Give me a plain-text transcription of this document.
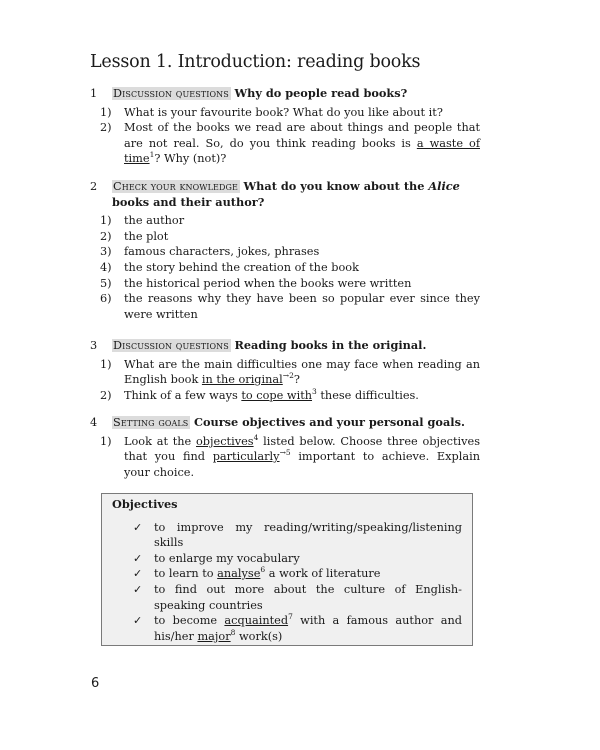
Lesson 1. Introduction: reading books
1 Discussion questions Why do people read books?
1) What is your favourite book? What do you like about it?
2) Most of the books we read are about things and people that are not real. So, do you think reading books is a waste of time$^1$? Why (not)?
2 Check your knowledge What do you know about the Alice books and their author?
1) the author
2) the plot
3) famous characters, jokes, phrases
4) the story behind the creation of the book
5) the historical period when the books were written
6) the reasons why they have been so popular ever since they were written
3 Discussion questions Reading books in the original.
1) What are the main difficulties one may face when reading an English book in the original$^{\to 2}$?
2) Think of a few ways to cope with$^3$ these difficulties.
4 Setting goals Course objectives and your personal goals.
1) Look at the objectives$^4$ listed below. Choose three objectives that you find particularly$^{\to 5}$ important to achieve. Explain your choice.
Objectives
✓ to improve my reading/writing/speaking/listening skills
✓ to enlarge my vocabulary
✓ to learn to analyse$^6$ a work of literature
✓ to find out more about the culture of English-speaking countries
✓ to become acquainted$^7$ with a famous author and his/her major$^8$ work(s)
6
